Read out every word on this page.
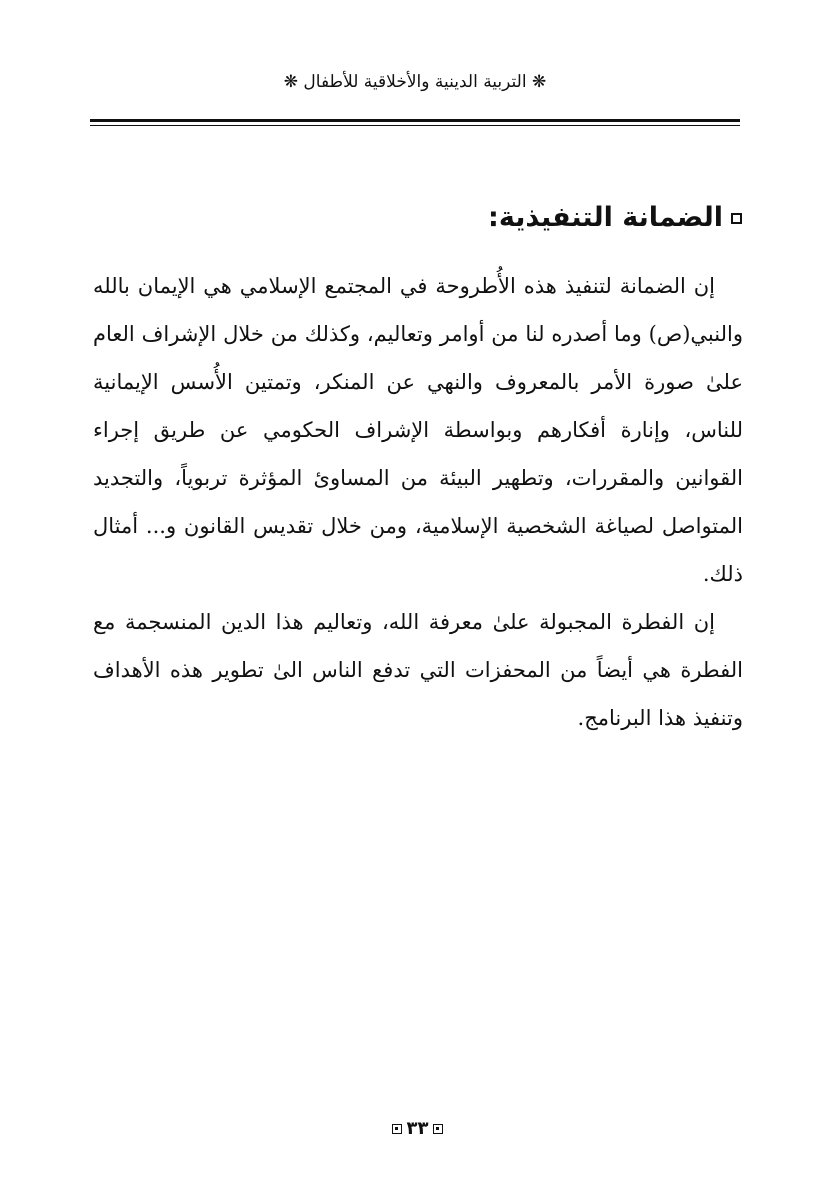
❋ التربية الدينية والأخلاقية للأطفال ❋
الضمانة التنفيذية:

إن الضمانة لتنفيذ هذه الأُطروحة في المجتمع الإسلامي هي الإيمان بالله والنبي(ص) وما أصدره لنا من أوامر وتعاليم، وكذلك من خلال الإشراف العام علىٰ صورة الأمر بالمعروف والنهي عن المنكر، وتمتين الأُسس الإيمانية للناس، وإنارة أفكارهم وبواسطة الإشراف الحكومي عن طريق إجراء القوانين والمقررات، وتطهير البيئة من المساوئ المؤثرة تربوياً، والتجديد المتواصل لصياغة الشخصية الإسلامية، ومن خلال تقديس القانون و... أمثال ذلك.

إن الفطرة المجبولة علىٰ معرفة الله، وتعاليم هذا الدين المنسجمة مع الفطرة هي أيضاً من المحفزات التي تدفع الناس الىٰ تطوير هذه الأهداف وتنفيذ هذا البرنامج.

٣٣
